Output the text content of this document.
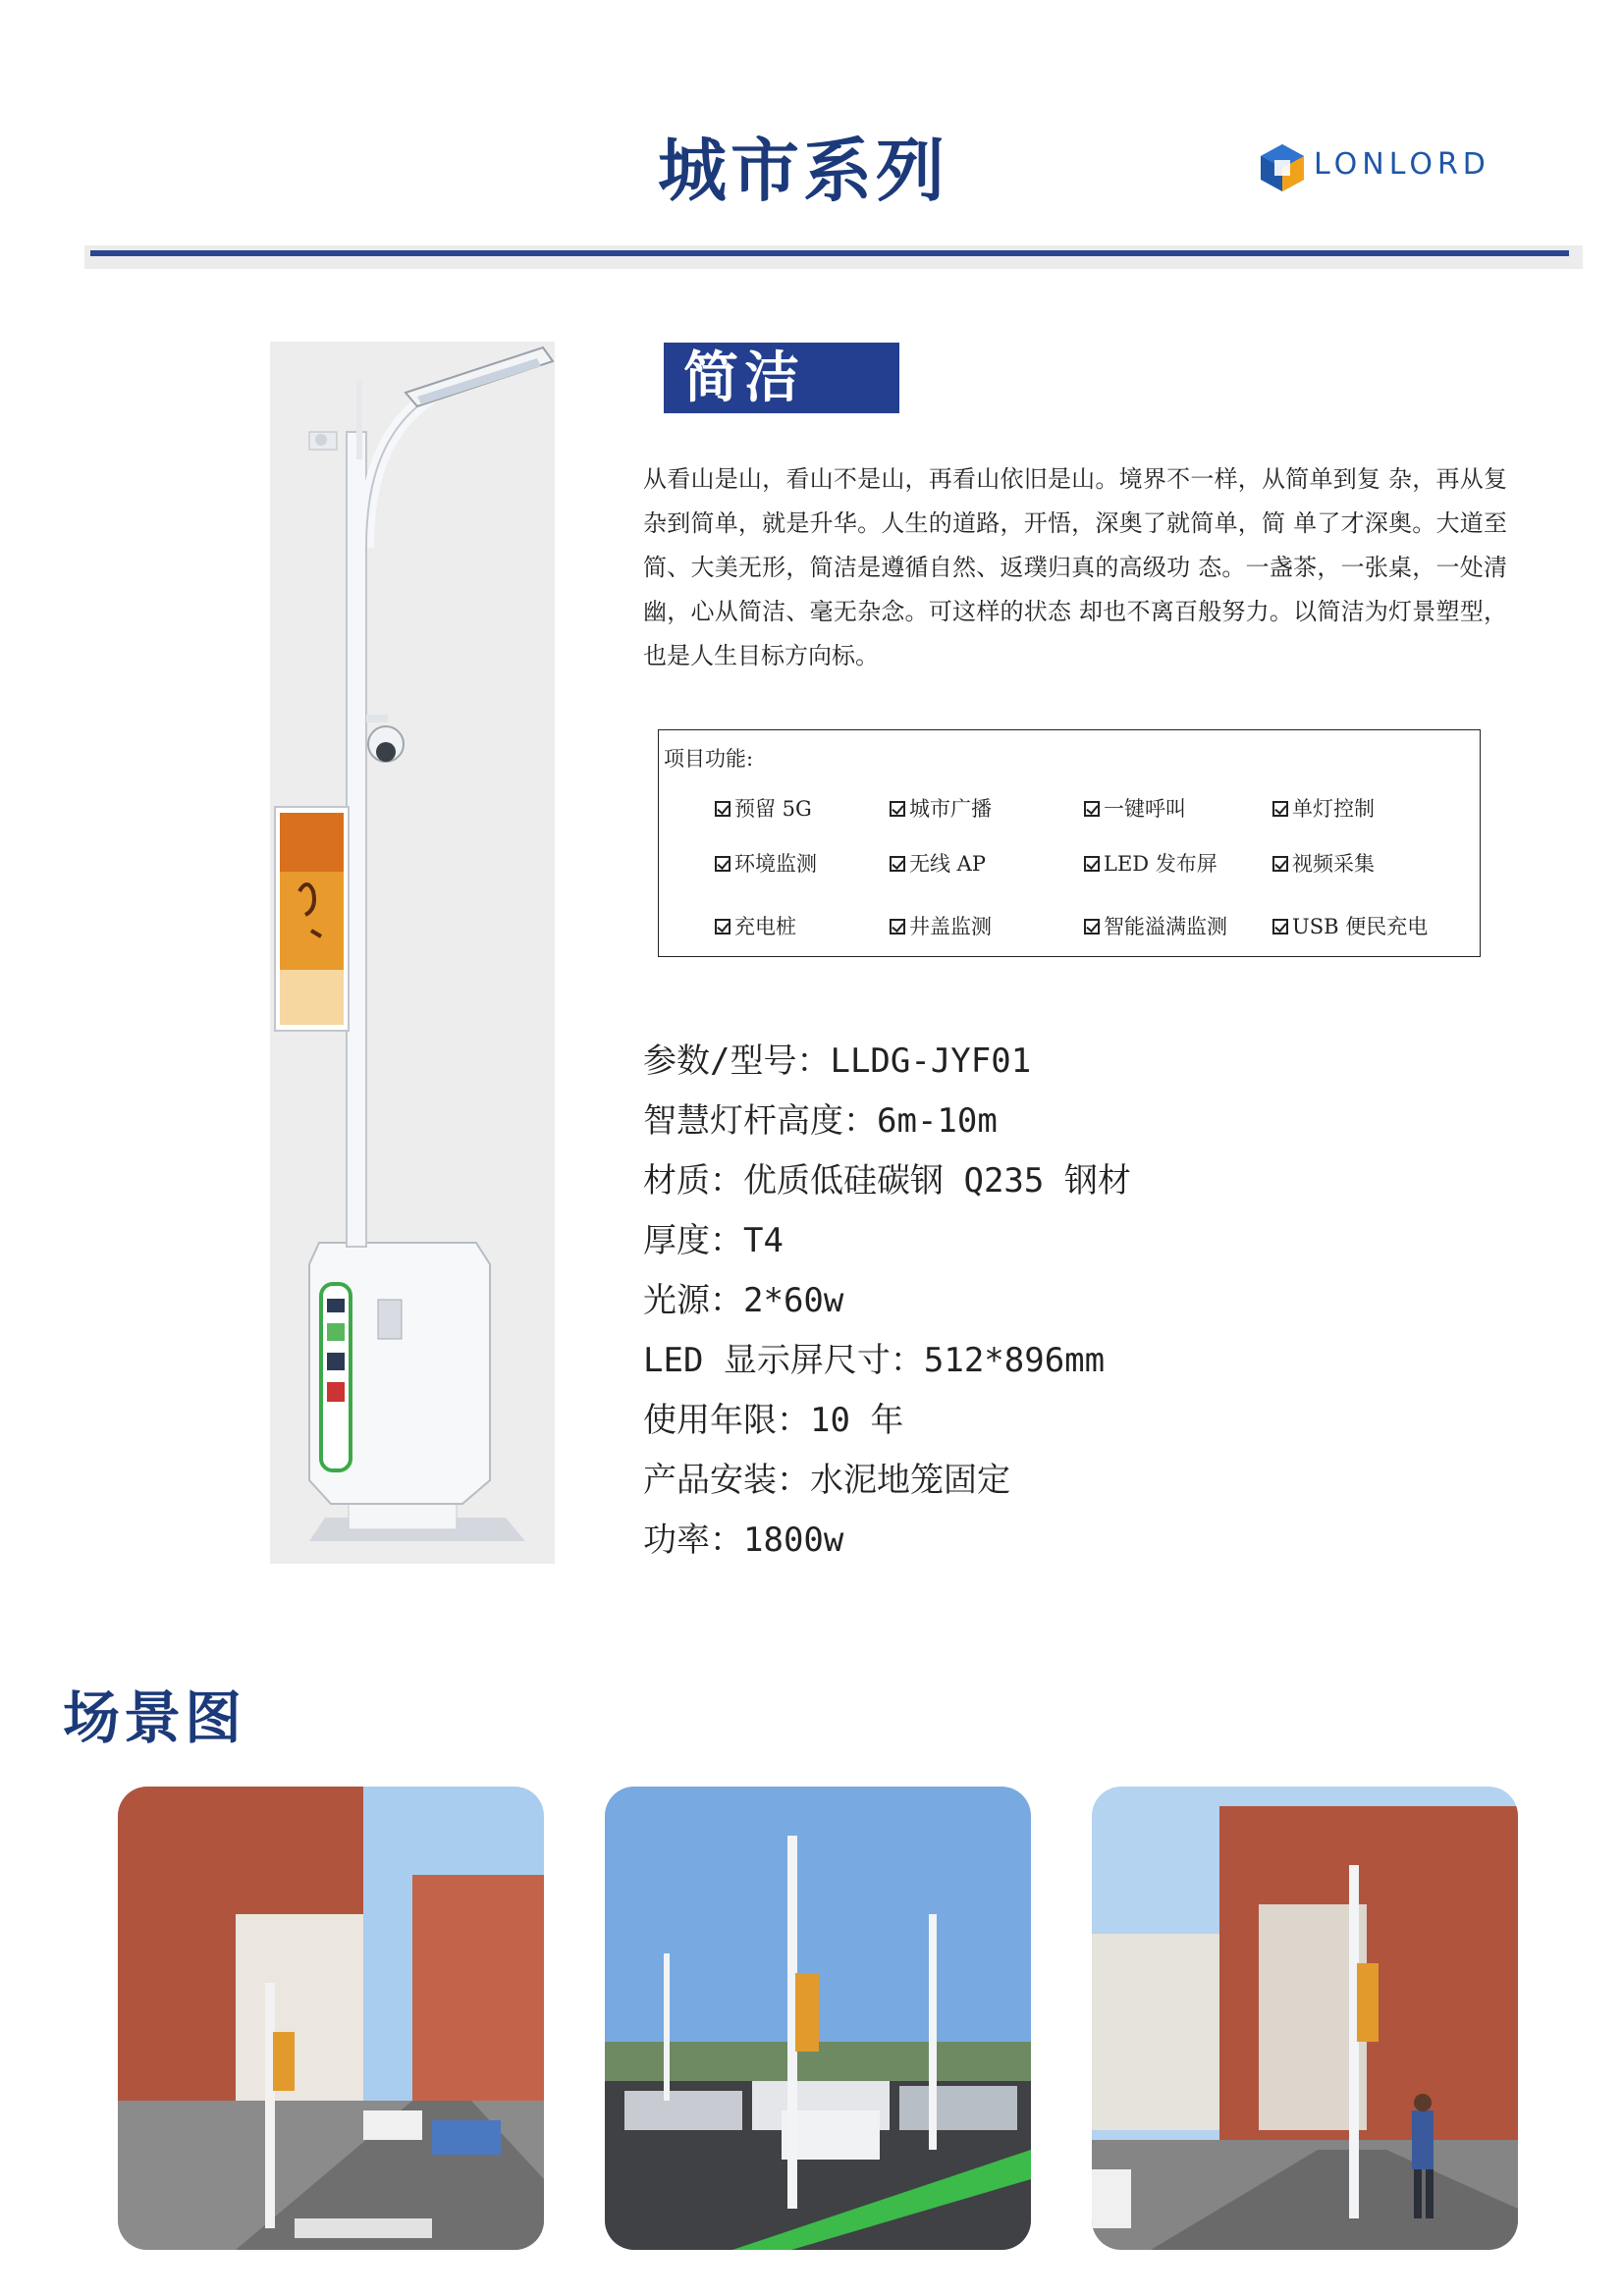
城市系列	LONLORD
简洁
从看山是山，看山不是山，再看山依旧是山。境界不一样，从简单到复 杂，再从复杂到简单，就是升华。人生的道路，开悟，深奥了就简单，简 单了才深奥。大道至简、大美无形，简洁是遵循自然、返璞归真的高级功 态。一盏茶，一张桌，一处清幽，心从简洁、毫无杂念。可这样的状态 却也不离百般努力。以简洁为灯景塑型，也是人生目标方向标。
项目功能:
预留 5G	城市广播	一键呼叫	单灯控制
环境监测	无线 AP	LED 发布屏	视频采集
充电桩	井盖监测	智能溢满监测	USB 便民充电
参数/型号：LLDG-JYF01
智慧灯杆高度：6m-10m
材质：优质低硅碳钢 Q235 钢材
厚度：T4
光源：2*60w
LED 显示屏尺寸：512*896mm
使用年限：10 年
产品安装：水泥地笼固定
功率：1800w
场景图
